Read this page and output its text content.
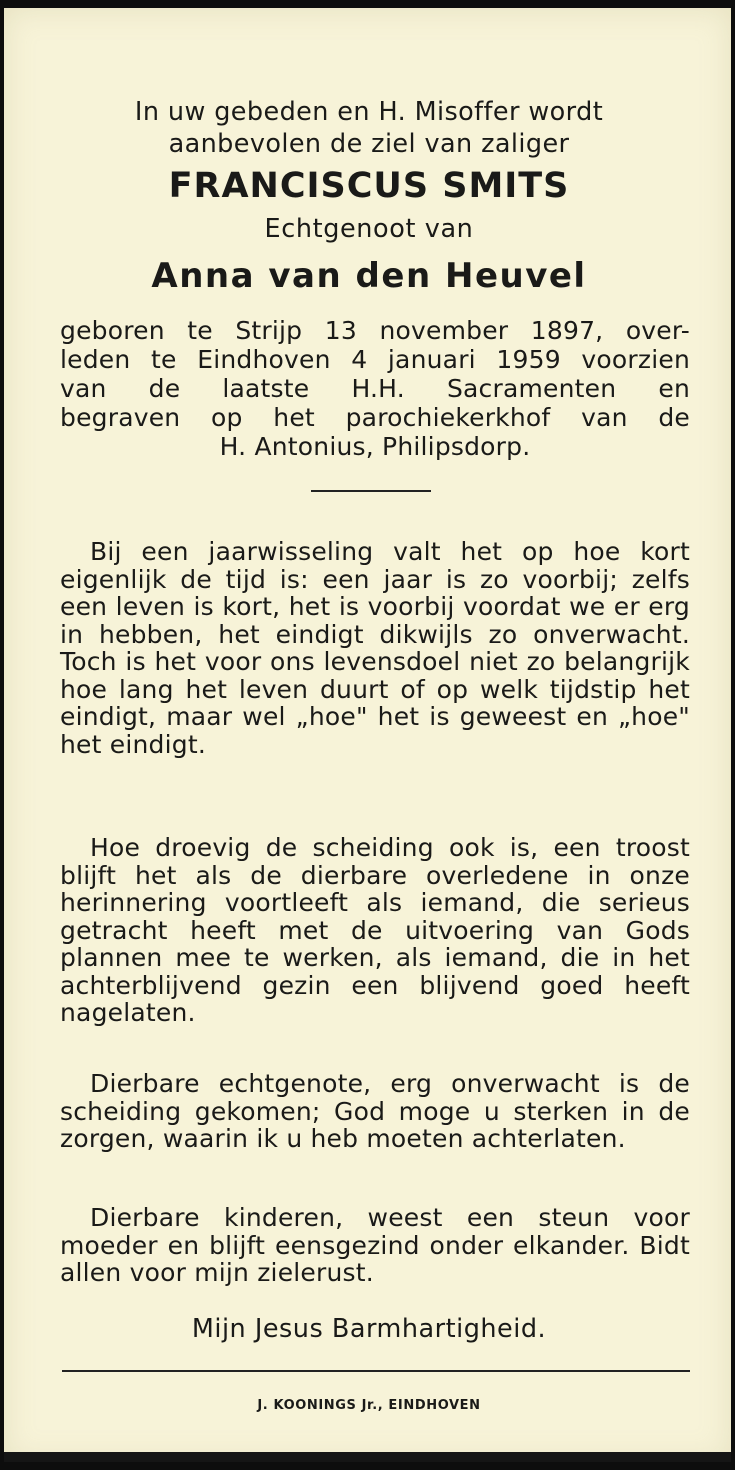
In uw gebeden en H. Misoffer wordt
aanbevolen de ziel van zaliger
FRANCISCUS SMITS
Echtgenoot van
Anna van den Heuvel
geboren te Strijp 13 november 1897, over-
leden te Eindhoven 4 januari 1959 voorzien
van de laatste H.H. Sacramenten en
begraven op het parochiekerkhof van de
H. Antonius, Philipsdorp.
Bij een jaarwisseling valt het op hoe kort eigenlijk de tijd is: een jaar is zo voorbij; zelfs een leven is kort, het is voorbij voordat we er erg in hebben, het eindigt dikwijls zo onverwacht. Toch is het voor ons levensdoel niet zo belangrijk hoe lang het leven duurt of op welk tijdstip het eindigt, maar wel „hoe" het is geweest en „hoe" het eindigt.
Hoe droevig de scheiding ook is, een troost blijft het als de dierbare overledene in onze herinnering voortleeft als iemand, die serieus getracht heeft met de uitvoering van Gods plannen mee te werken, als iemand, die in het achterblijvend gezin een blijvend goed heeft nagelaten.
Dierbare echtgenote, erg onverwacht is de scheiding gekomen; God moge u sterken in de zorgen, waarin ik u heb moeten achterlaten.
Dierbare kinderen, weest een steun voor moeder en blijft eensgezind onder elkander. Bidt allen voor mijn zielerust.
Mijn Jesus Barmhartigheid.
J. KOONINGS Jr., EINDHOVEN
